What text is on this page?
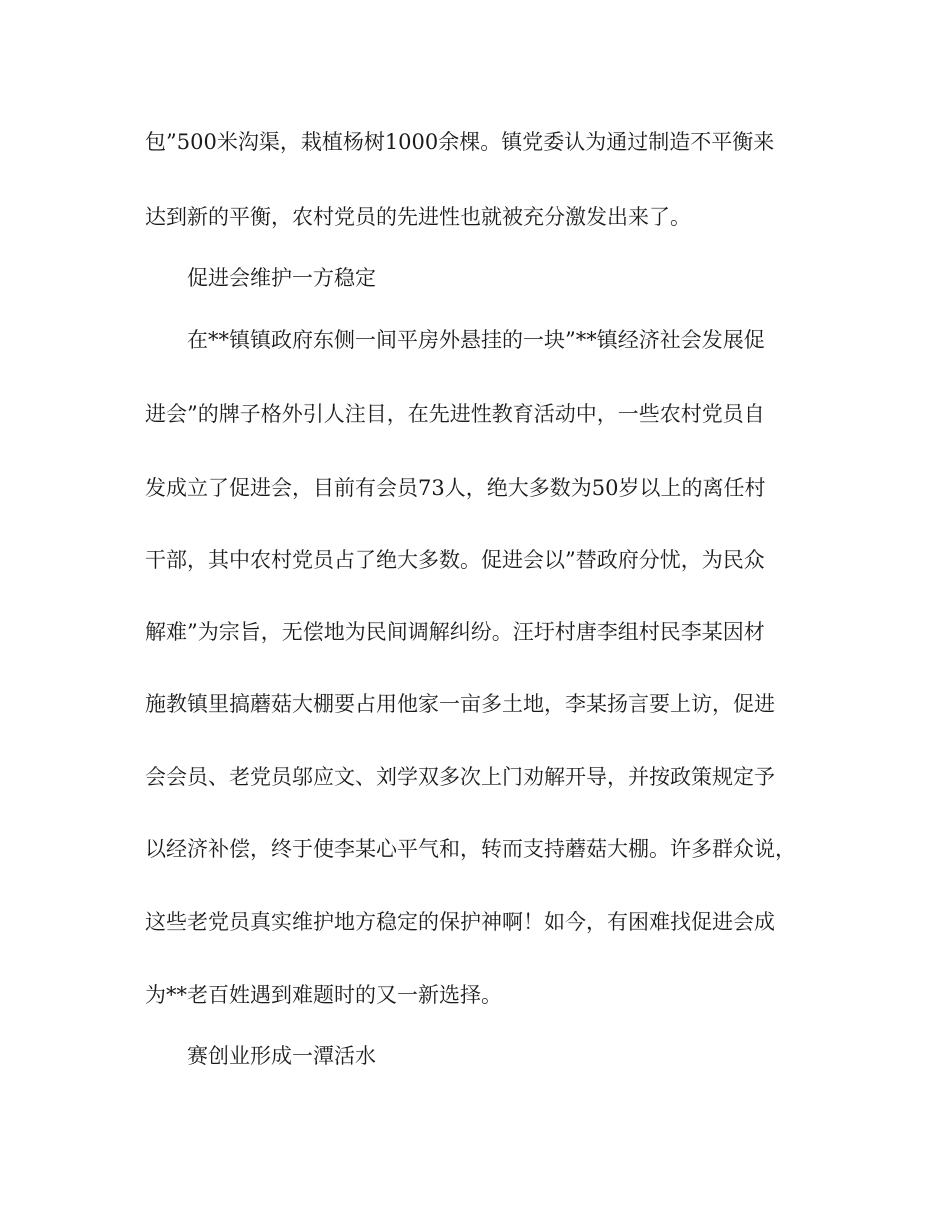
包”500米沟渠，栽植杨树1000余棵。镇党委认为通过制造不平衡来
达到新的平衡，农村党员的先进性也就被充分激发出来了。
促进会维护一方稳定
在**镇镇政府东侧一间平房外悬挂的一块”**镇经济社会发展促
进会”的牌子格外引人注目，在先进性教育活动中，一些农村党员自
发成立了促进会，目前有会员73人，绝大多数为50岁以上的离任村
干部，其中农村党员占了绝大多数。促进会以”替政府分忧，为民众
解难”为宗旨，无偿地为民间调解纠纷。汪圩村唐李组村民李某因材
施教镇里搞蘑菇大棚要占用他家一亩多土地，李某扬言要上访，促进
会会员、老党员邬应文、刘学双多次上门劝解开导，并按政策规定予
以经济补偿，终于使李某心平气和，转而支持蘑菇大棚。许多群众说，
这些老党员真实维护地方稳定的保护神啊！如今，有困难找促进会成
为**老百姓遇到难题时的又一新选择。
赛创业形成一潭活水
